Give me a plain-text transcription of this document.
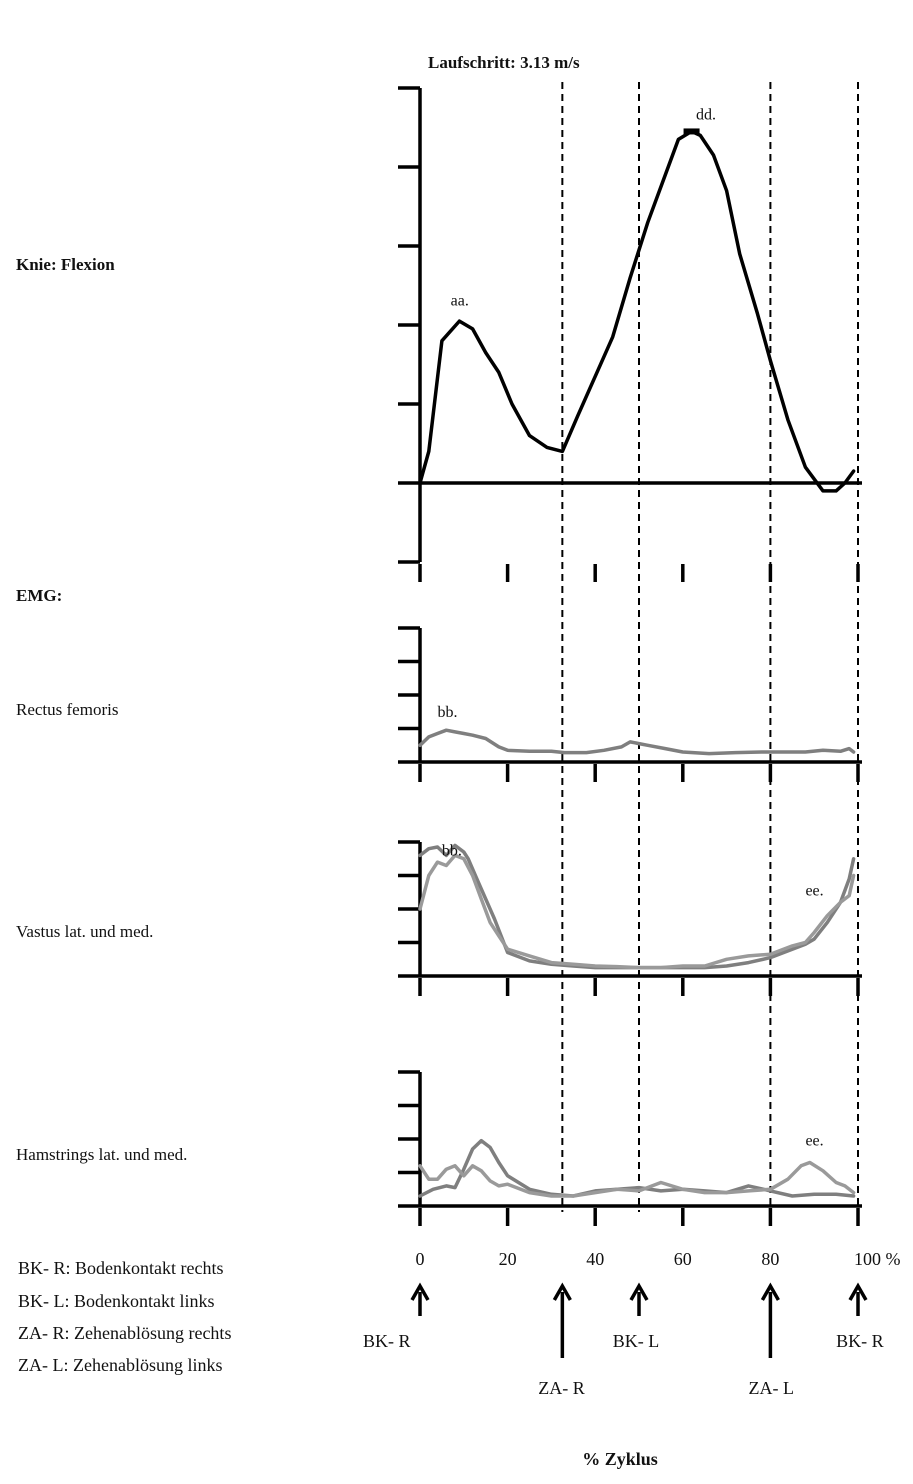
Laufschritt: 3.13 m/s
Knie: Flexion
EMG:
Rectus femoris
Vastus lat. und med.
Hamstrings lat. und med.
BK- R: Bodenkontakt rechts
BK- L: Bodenkontakt links
ZA- R: Zehenablösung rechts
ZA- L: Zehenablösung links
% Zyklus
aa.
dd.
bb.
bb.
ee.
ee.
0	20	40	60	80	100 %
BK- R
ZA- R
BK- L
ZA- L
BK- R
